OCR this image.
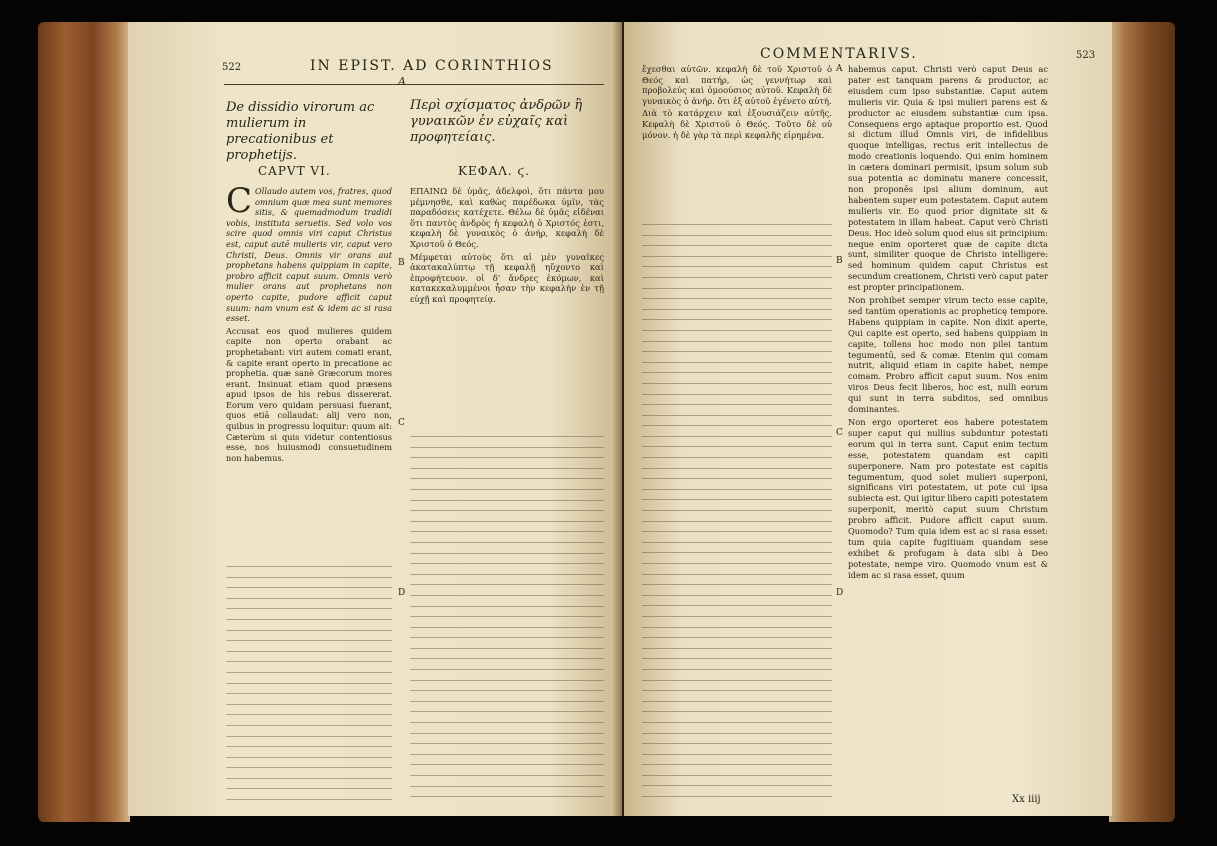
522	IN EPIST. AD CORINTHIOS
A
De dissidio virorum ac mulierum in precationibus et prophetijs.
Περὶ σχίσματος ἀνδρῶν ἢ γυναικῶν ἐν εὐχαῖς καὶ προφητείαις.
CAPVT VI.	ΚΕΦΑΛ. ϛ.
C Ollaudo autem vos, fratres, quod omnium quæ mea sunt memores sitis, & quemadmodum tradidi vobis, instituta seruetis. Sed volo vos scire quod omnis viri caput Christus est, caput autē mulieris vir, caput vero Christi, Deus. Omnis vir orans aut prophetans habens quippiam in capite, probro afficit caput suum. Omnis verò mulier orans aut prophetans non operto capite, pudore afficit caput suum: nam vnum est & idem ac si rasa esset.

Accusat eos quod mulieres quidem capite non operto orabant ac prophetabant: viri autem comati erant, & capite erant operto in precatione ac prophetia. quæ sanè Græcorum mores erant. Insinuat etiam quod præsens apud ipsos de his rebus dissererat. Eorum vero quidam persuasi fuerant, quos etiā collaudat: alij vero non, quibus in progressu loquitur: quum ait: Cæterùm si quis videtur contentiosus esse, nos huiusmodi consuetudinem non habemus.

ΕΠΑΙΝΩ δὲ ὑμᾶς, ἀδελφοὶ, ὅτι πάντα μου μέμνησθε, καὶ καθὼς παρέδωκα ὑμῖν, τὰς παραδόσεις κατέχετε. Θέλω δὲ ὑμᾶς εἰδέναι ὅτι παντὸς ἀνδρὸς ἡ κεφαλὴ ὁ Χριστός ἐστι, κεφαλὴ δὲ γυναικὸς ὁ ἀνήρ, κεφαλὴ δὲ Χριστοῦ ὁ Θεός.

Μέμφεται αὐτοὺς ὅτι αἱ μὲν γυναῖκες ἀκατακαλύπτῳ τῇ κεφαλῇ ηὔχοντο καὶ ἐπροφήτευον. οἱ δ' ἄνδρες ἐκόμων, καὶ κατακεκαλυμμένοι ἦσαν τὴν κεφαλὴν ἐν τῇ εὐχῇ καὶ προφητείᾳ.

B
C
D
COMMENTARIVS.	523

ἔχεσθαι αὐτῶν. κεφαλὴ δὲ τοῦ Χριστοῦ ὁ Θεός καὶ πατήρ, ὡς γεννήτωρ καὶ προβολεύς καὶ ὁμοούσιος αὐτοῦ. Κεφαλὴ δὲ γυναικὸς ὁ ἀνήρ. ὅτι ἐξ αὐτοῦ ἐγένετο αὐτή.

Διὰ τὸ κατάρχειν καὶ ἐξουσιάζειν αὐτῆς. Κεφαλὴ δὲ Χριστοῦ ὁ Θεός. Τοῦτο δὲ οὐ μόνον. ἡ δὲ γὰρ τὰ περὶ κεφαλῆς εἰρημένα.

A
B
C
D

habemus caput. Christi verò caput Deus ac pater est tanquam parens & productor, ac eiusdem cum ipso substantiæ. Caput autem mulieris vir. Quia & ipsi mulieri parens est & productor ac eiusdem substantiæ cum ipsa. Consequens ergo aptaque proportio est. Quod si dictum illud Omnis viri, de infidelibus quoque intelligas, rectus erit intellectus de modo creationis loquendo. Qui enim hominem in cætera dominari permisit, ipsum solum sub sua potentia ac dominatu manere concessit, non proponēs ipsi alium dominum, aut habentem super eum potestatem. Caput autem mulieris vir. Eo quod prior dignitate sit & potestatem in illam habeat. Caput verò Christi Deus. Hoc ideò solum quod eius sit principium: neque enim oporteret quæ de capite dicta sunt, similiter quoque de Christo intelligere: sed hominum quidem caput Christus est secundum creationem, Christi verò caput pater est propter principationem.

Non prohibet semper virum tecto esse capite, sed tantùm operationis ac propheticę tempore. Habens quippiam in capite. Non dixit aperte, Qui capite est operto, sed habens quippiam in capite, tollens hoc modo non pilei tantum tegumentū, sed & comæ. Etenim qui comam nutrit, aliquid etiam in capite habet, nempe comam. Probro afficit caput suum. Nos enim viros Deus fecit liberos, hoc est, nulli eorum qui sunt in terra subditos, sed omnibus dominantes.

Non ergo oporteret eos habere potestatem super caput qui nullius subduntur potestati eorum qui in terra sunt. Caput enim tectum esse, potestatem quandam est capiti superponere. Nam pro potestate est capitis tegumentum, quod solet mulieri superponi, significans viri potestatem, ut pote cui ipsa subiecta est. Qui igitur libero capiti potestatem superponit, meritò caput suum Christum probro afficit. Pudore afficit caput suum. Quomodo? Tum quia idem est ac si rasa esset: tum quia capite fugitiuam quandam sese exhibet & profugam à data sibi à Deo potestate, nempe viro. Quomodo vnum est & idem ac si rasa esset, quum

Xx iiij
